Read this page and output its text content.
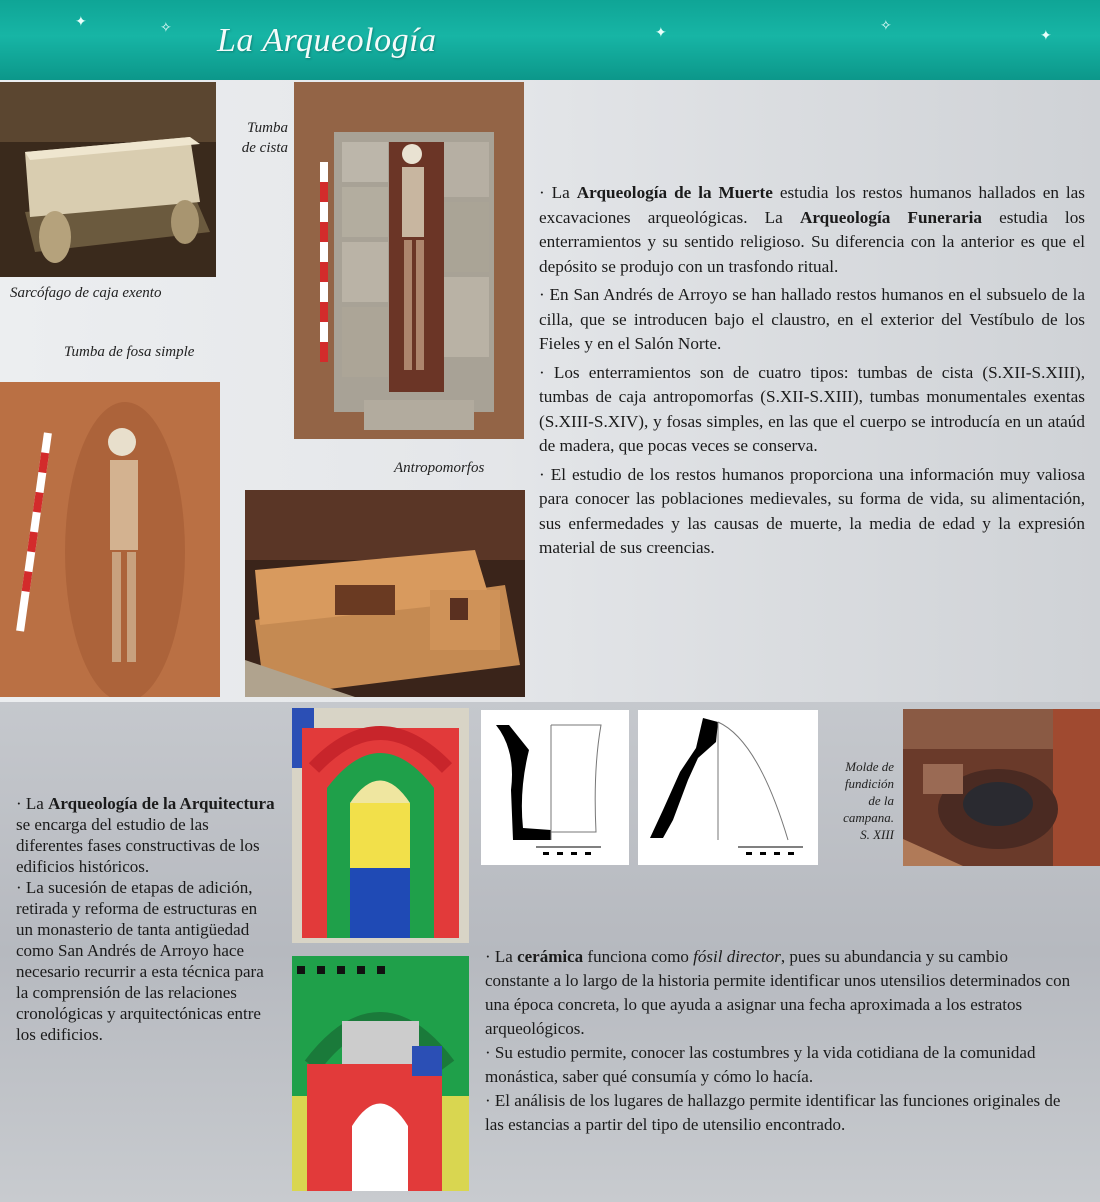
✦	✧	✦	✧
✦
La Arqueología
Sarcófago de caja exento
Tumba
de cista
Tumba de fosa simple
Antropomorfos

· La Arqueología de la Muerte estudia los restos humanos hallados en las excavaciones arqueológicas. La Arqueología Funeraria estudia los enterramientos y su sentido religioso. Su diferencia con la anterior es que el depósito se produjo con un trasfondo ritual.

· En San Andrés de Arroyo se han hallado restos humanos en el subsuelo de la cilla, que se introducen bajo el claustro, en el exterior del Vestíbulo de los Fieles y en el Salón Norte.

· Los enterramientos son de cuatro tipos: tumbas de cista (S.XII-S.XIII), tumbas de caja antropomorfas (S.XII-S.XIII), tumbas monumentales exentas (S.XIII-S.XIV), y fosas simples, en las que el cuerpo se introducía en un ataúd de madera, que pocas veces se conserva.

· El estudio de los restos humanos proporciona una información muy valiosa para conocer las poblaciones medievales, su forma de vida, su alimentación, sus enfermedades y las causas de muerte, la media de edad y la expresión material de sus creencias.

· La Arqueología de la Arquitectura se encarga del estudio de las diferentes fases constructivas de los edificios históricos.

· La sucesión de etapas de adición, retirada y reforma de estructuras en un monasterio de tanta antigüedad como San Andrés de Arroyo hace necesario recurrir a esta técnica para la comprensión de las relaciones cronológicas y arquitectónicas entre los edificios.

Molde de
fundición
de la
campana.
S. XIII

· La cerámica funciona como fósil director, pues su abundancia y su cambio constante a lo largo de la historia permite identificar unos utensilios determinados con una época concreta, lo que ayuda a asignar una fecha aproximada a los estratos arqueológicos.

· Su estudio permite, conocer las costumbres y la vida cotidiana de la comunidad monástica, saber qué consumía y cómo lo hacía.

· El análisis de los lugares de hallazgo permite identificar las funciones originales de las estancias a partir del tipo de utensilio encontrado.
